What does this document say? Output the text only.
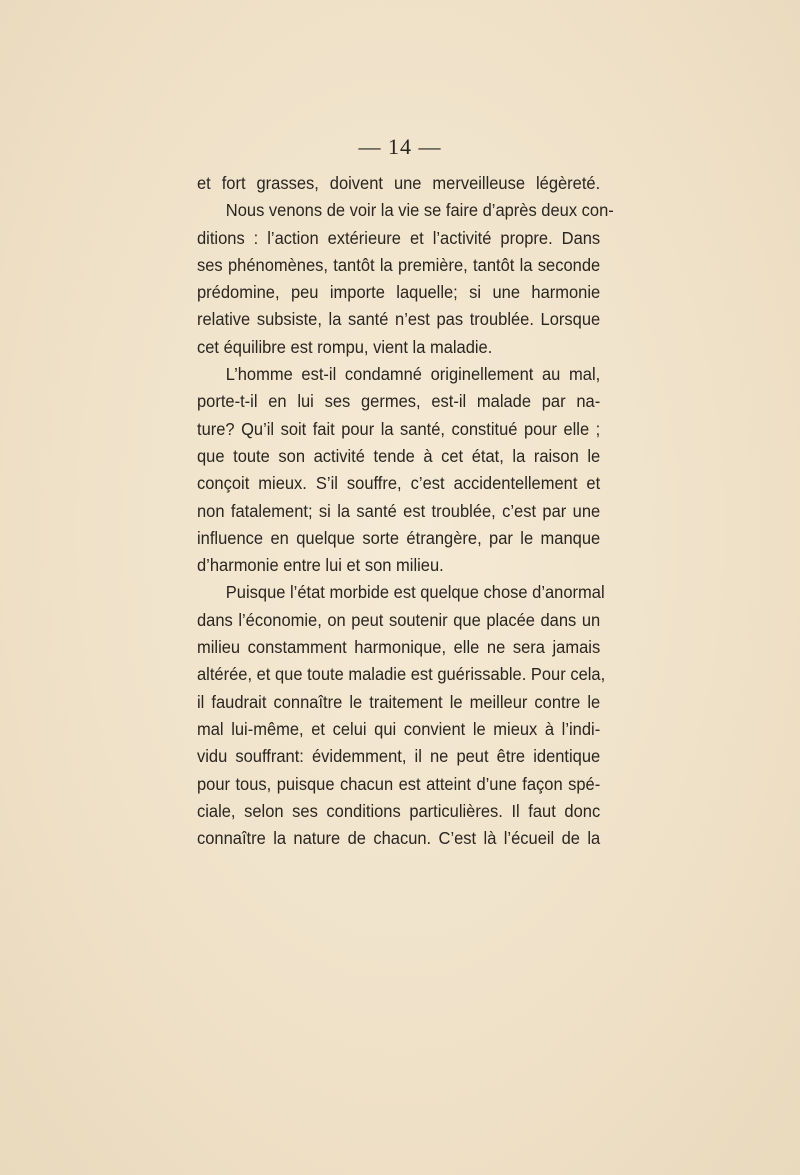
— 14 —
et fort grasses, doivent une merveilleuse légèreté.
Nous venons de voir la vie se faire d’après deux con-
ditions : l’action extérieure et l’activité propre. Dans
ses phénomènes, tantôt la première, tantôt la seconde
prédomine, peu importe laquelle; si une harmonie
relative subsiste, la santé n’est pas troublée. Lorsque
cet équilibre est rompu, vient la maladie.
L’homme est-il condamné originellement au mal,
porte-t-il en lui ses germes, est-il malade par na-
ture? Qu’il soit fait pour la santé, constitué pour elle ;
que toute son activité tende à cet état, la raison le
conçoit mieux. S’il souffre, c’est accidentellement et
non fatalement; si la santé est troublée, c’est par une
influence en quelque sorte étrangère, par le manque
d’harmonie entre lui et son milieu.
Puisque l’état morbide est quelque chose d’anormal
dans l’économie, on peut soutenir que placée dans un
milieu constamment harmonique, elle ne sera jamais
altérée, et que toute maladie est guérissable. Pour cela,
il faudrait connaître le traitement le meilleur contre le
mal lui-même, et celui qui convient le mieux à l’indi-
vidu souffrant: évidemment, il ne peut être identique
pour tous, puisque chacun est atteint d’une façon spé-
ciale, selon ses conditions particulières. Il faut donc
connaître la nature de chacun. C’est là l’écueil de la
